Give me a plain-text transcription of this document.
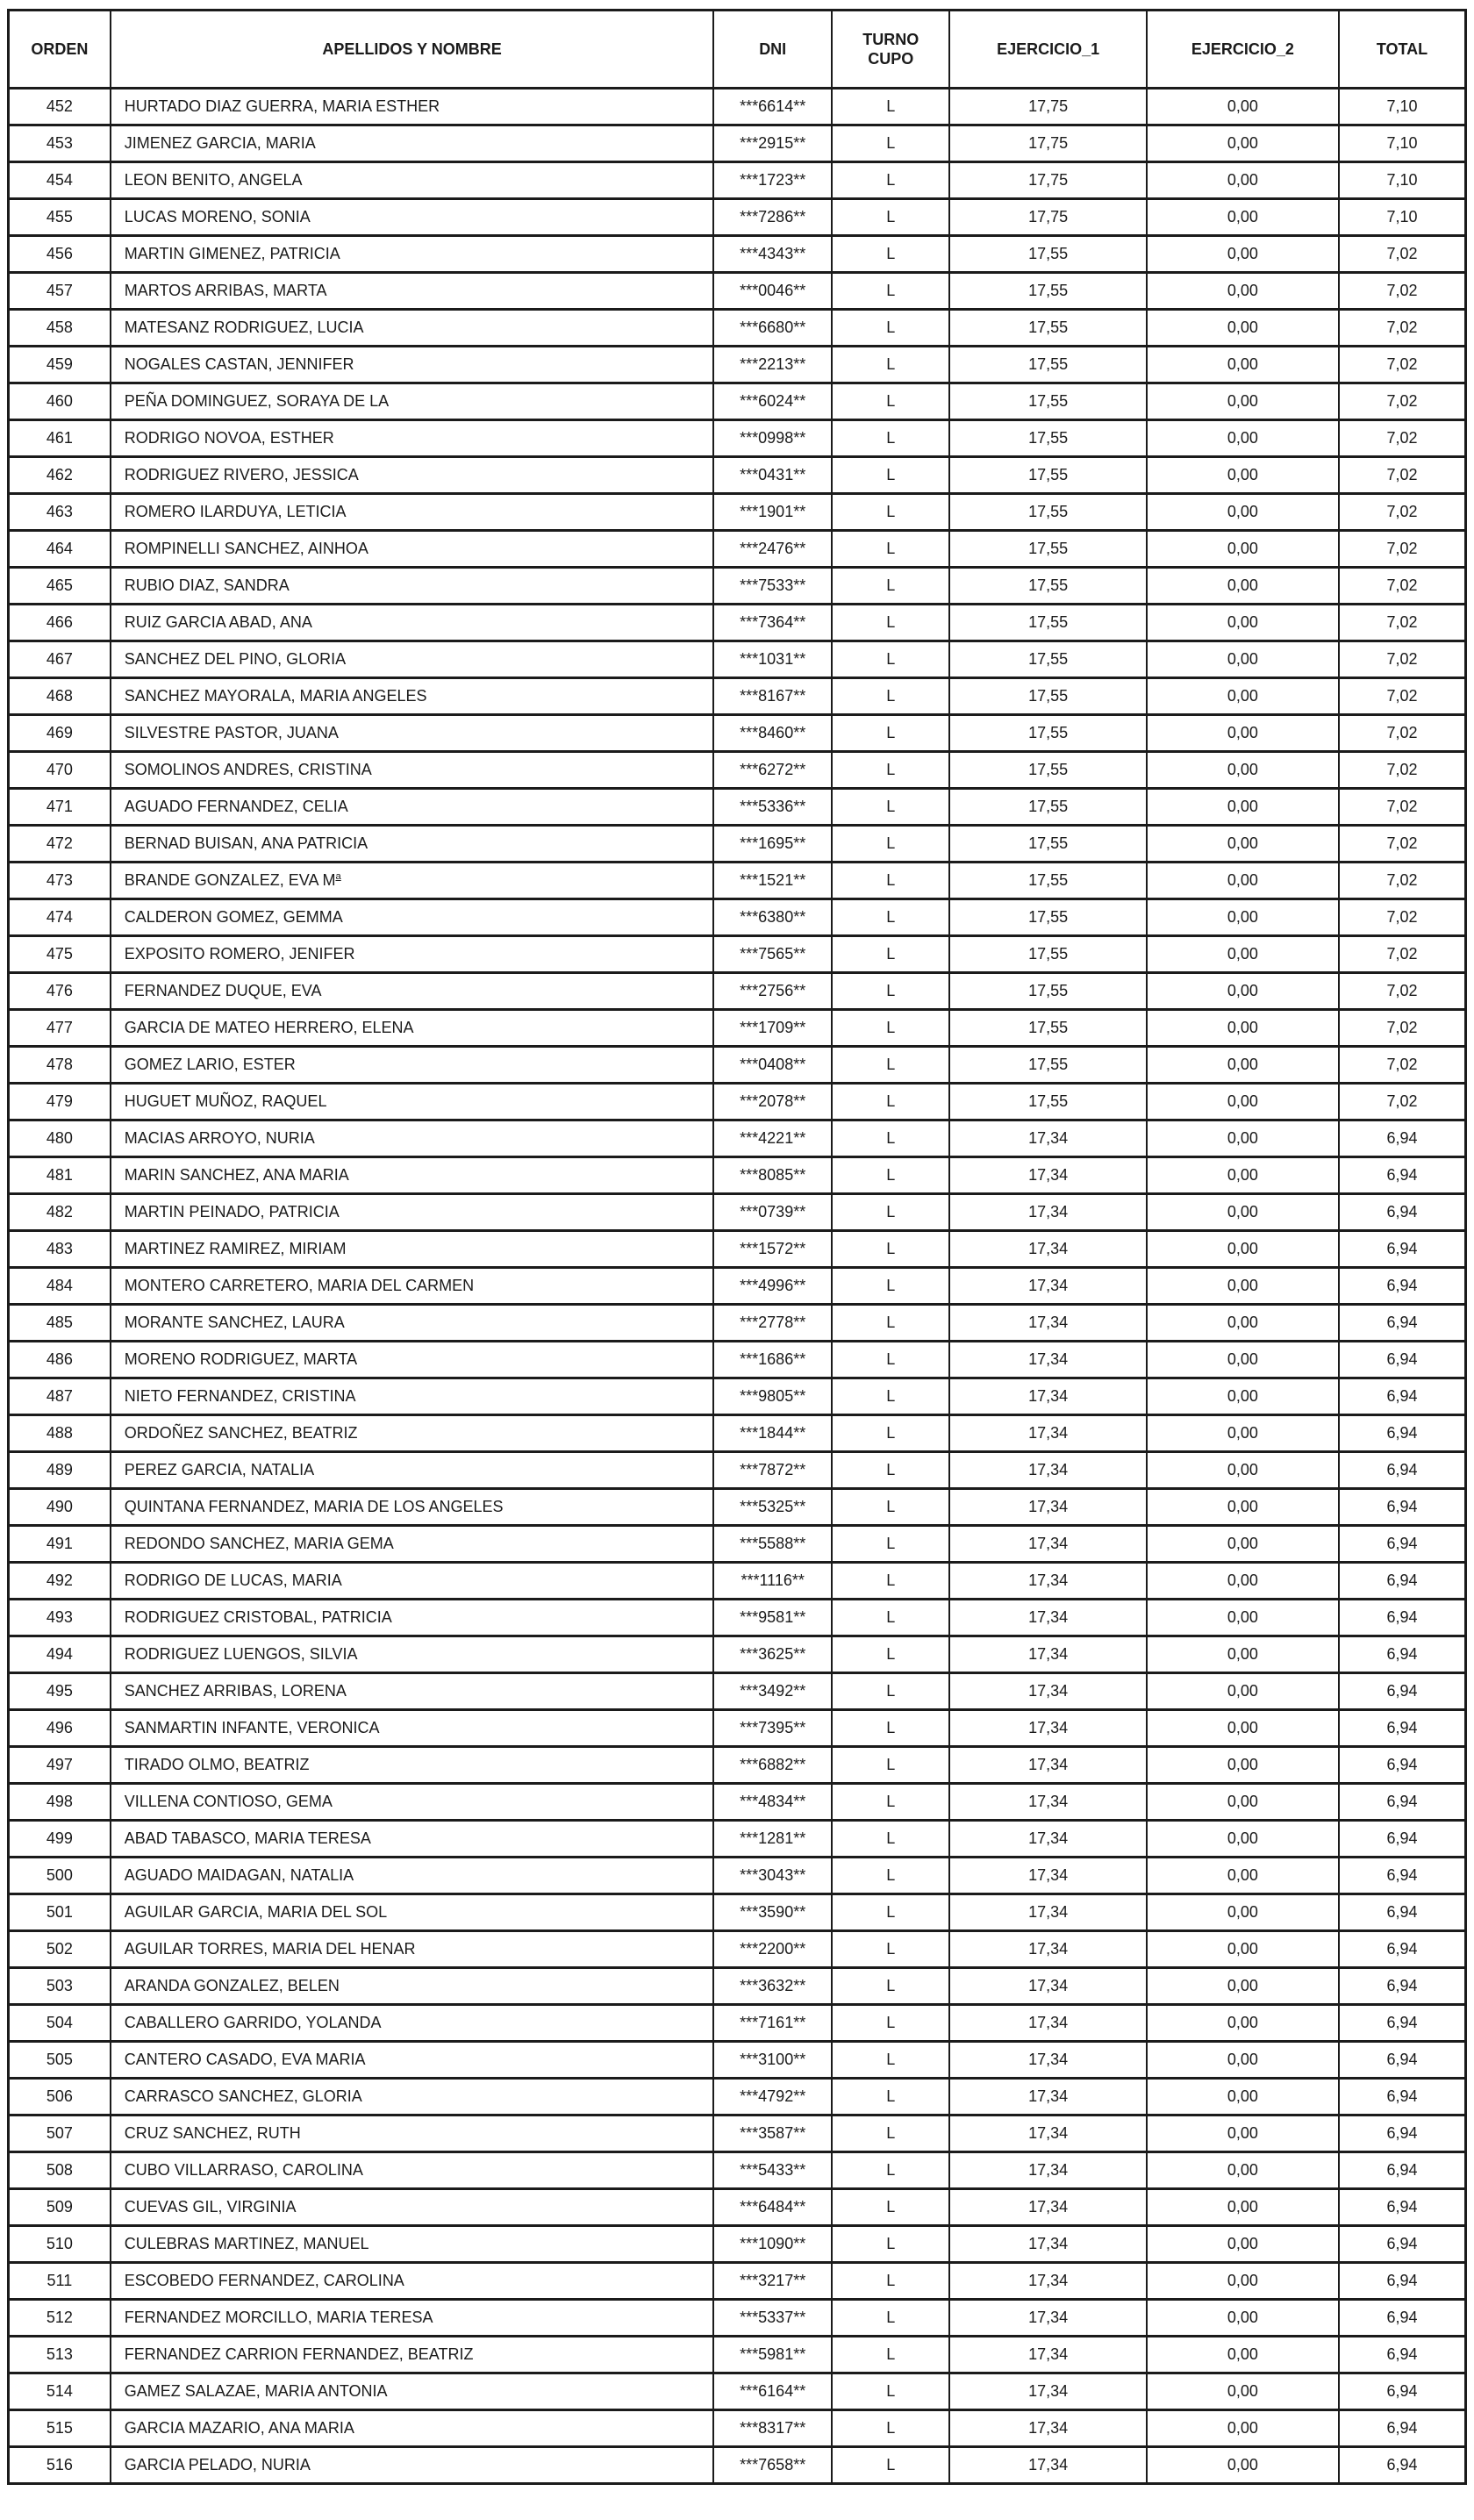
ORDEN	APELLIDOS Y NOMBRE	DNI	TURNO CUPO	EJERCICIO_1	EJERCICIO_2	TOTAL
452	HURTADO DIAZ GUERRA, MARIA ESTHER	***6614**	L	17,75	0,00	7,10
453	JIMENEZ GARCIA, MARIA	***2915**	L	17,75	0,00	7,10
454	LEON BENITO, ANGELA	***1723**	L	17,75	0,00	7,10
455	LUCAS MORENO, SONIA	***7286**	L	17,75	0,00	7,10
456	MARTIN GIMENEZ, PATRICIA	***4343**	L	17,55	0,00	7,02
457	MARTOS ARRIBAS, MARTA	***0046**	L	17,55	0,00	7,02
458	MATESANZ RODRIGUEZ, LUCIA	***6680**	L	17,55	0,00	7,02
459	NOGALES CASTAN, JENNIFER	***2213**	L	17,55	0,00	7,02
460	PEÑA DOMINGUEZ, SORAYA DE LA	***6024**	L	17,55	0,00	7,02
461	RODRIGO NOVOA, ESTHER	***0998**	L	17,55	0,00	7,02
462	RODRIGUEZ RIVERO, JESSICA	***0431**	L	17,55	0,00	7,02
463	ROMERO ILARDUYA, LETICIA	***1901**	L	17,55	0,00	7,02
464	ROMPINELLI SANCHEZ, AINHOA	***2476**	L	17,55	0,00	7,02
465	RUBIO DIAZ, SANDRA	***7533**	L	17,55	0,00	7,02
466	RUIZ GARCIA ABAD, ANA	***7364**	L	17,55	0,00	7,02
467	SANCHEZ DEL PINO, GLORIA	***1031**	L	17,55	0,00	7,02
468	SANCHEZ MAYORALA, MARIA ANGELES	***8167**	L	17,55	0,00	7,02
469	SILVESTRE PASTOR, JUANA	***8460**	L	17,55	0,00	7,02
470	SOMOLINOS ANDRES, CRISTINA	***6272**	L	17,55	0,00	7,02
471	AGUADO FERNANDEZ, CELIA	***5336**	L	17,55	0,00	7,02
472	BERNAD BUISAN, ANA PATRICIA	***1695**	L	17,55	0,00	7,02
473	BRANDE GONZALEZ, EVA $M^a$	***1521**	L	17,55	0,00	7,02
474	CALDERON GOMEZ, GEMMA	***6380**	L	17,55	0,00	7,02
475	EXPOSITO ROMERO, JENIFER	***7565**	L	17,55	0,00	7,02
476	FERNANDEZ DUQUE, EVA	***2756**	L	17,55	0,00	7,02
477	GARCIA DE MATEO HERRERO, ELENA	***1709**	L	17,55	0,00	7,02
478	GOMEZ LARIO, ESTER	***0408**	L	17,55	0,00	7,02
479	HUGUET MUÑOZ, RAQUEL	***2078**	L	17,55	0,00	7,02
480	MACIAS ARROYO, NURIA	***4221**	L	17,34	0,00	6,94
481	MARIN SANCHEZ, ANA MARIA	***8085**	L	17,34	0,00	6,94
482	MARTIN PEINADO, PATRICIA	***0739**	L	17,34	0,00	6,94
483	MARTINEZ RAMIREZ, MIRIAM	***1572**	L	17,34	0,00	6,94
484	MONTERO CARRETERO, MARIA DEL CARMEN	***4996**	L	17,34	0,00	6,94
485	MORANTE SANCHEZ, LAURA	***2778**	L	17,34	0,00	6,94
486	MORENO RODRIGUEZ, MARTA	***1686**	L	17,34	0,00	6,94
487	NIETO FERNANDEZ, CRISTINA	***9805**	L	17,34	0,00	6,94
488	ORDOÑEZ SANCHEZ, BEATRIZ	***1844**	L	17,34	0,00	6,94
489	PEREZ GARCIA, NATALIA	***7872**	L	17,34	0,00	6,94
490	QUINTANA FERNANDEZ, MARIA DE LOS ANGELES	***5325**	L	17,34	0,00	6,94
491	REDONDO SANCHEZ, MARIA GEMA	***5588**	L	17,34	0,00	6,94
492	RODRIGO DE LUCAS, MARIA	***1116**	L	17,34	0,00	6,94
493	RODRIGUEZ CRISTOBAL, PATRICIA	***9581**	L	17,34	0,00	6,94
494	RODRIGUEZ LUENGOS, SILVIA	***3625**	L	17,34	0,00	6,94
495	SANCHEZ ARRIBAS, LORENA	***3492**	L	17,34	0,00	6,94
496	SANMARTIN INFANTE, VERONICA	***7395**	L	17,34	0,00	6,94
497	TIRADO OLMO, BEATRIZ	***6882**	L	17,34	0,00	6,94
498	VILLENA CONTIOSO, GEMA	***4834**	L	17,34	0,00	6,94
499	ABAD TABASCO, MARIA TERESA	***1281**	L	17,34	0,00	6,94
500	AGUADO MAIDAGAN, NATALIA	***3043**	L	17,34	0,00	6,94
501	AGUILAR GARCIA, MARIA DEL SOL	***3590**	L	17,34	0,00	6,94
502	AGUILAR TORRES, MARIA DEL HENAR	***2200**	L	17,34	0,00	6,94
503	ARANDA GONZALEZ, BELEN	***3632**	L	17,34	0,00	6,94
504	CABALLERO GARRIDO, YOLANDA	***7161**	L	17,34	0,00	6,94
505	CANTERO CASADO, EVA MARIA	***3100**	L	17,34	0,00	6,94
506	CARRASCO SANCHEZ, GLORIA	***4792**	L	17,34	0,00	6,94
507	CRUZ SANCHEZ, RUTH	***3587**	L	17,34	0,00	6,94
508	CUBO VILLARRASO, CAROLINA	***5433**	L	17,34	0,00	6,94
509	CUEVAS GIL, VIRGINIA	***6484**	L	17,34	0,00	6,94
510	CULEBRAS MARTINEZ, MANUEL	***1090**	L	17,34	0,00	6,94
511	ESCOBEDO FERNANDEZ, CAROLINA	***3217**	L	17,34	0,00	6,94
512	FERNANDEZ MORCILLO, MARIA TERESA	***5337**	L	17,34	0,00	6,94
513	FERNANDEZ CARRION FERNANDEZ, BEATRIZ	***5981**	L	17,34	0,00	6,94
514	GAMEZ SALAZAE, MARIA ANTONIA	***6164**	L	17,34	0,00	6,94
515	GARCIA MAZARIO, ANA MARIA	***8317**	L	17,34	0,00	6,94
516	GARCIA PELADO, NURIA	***7658**	L	17,34	0,00	6,94
